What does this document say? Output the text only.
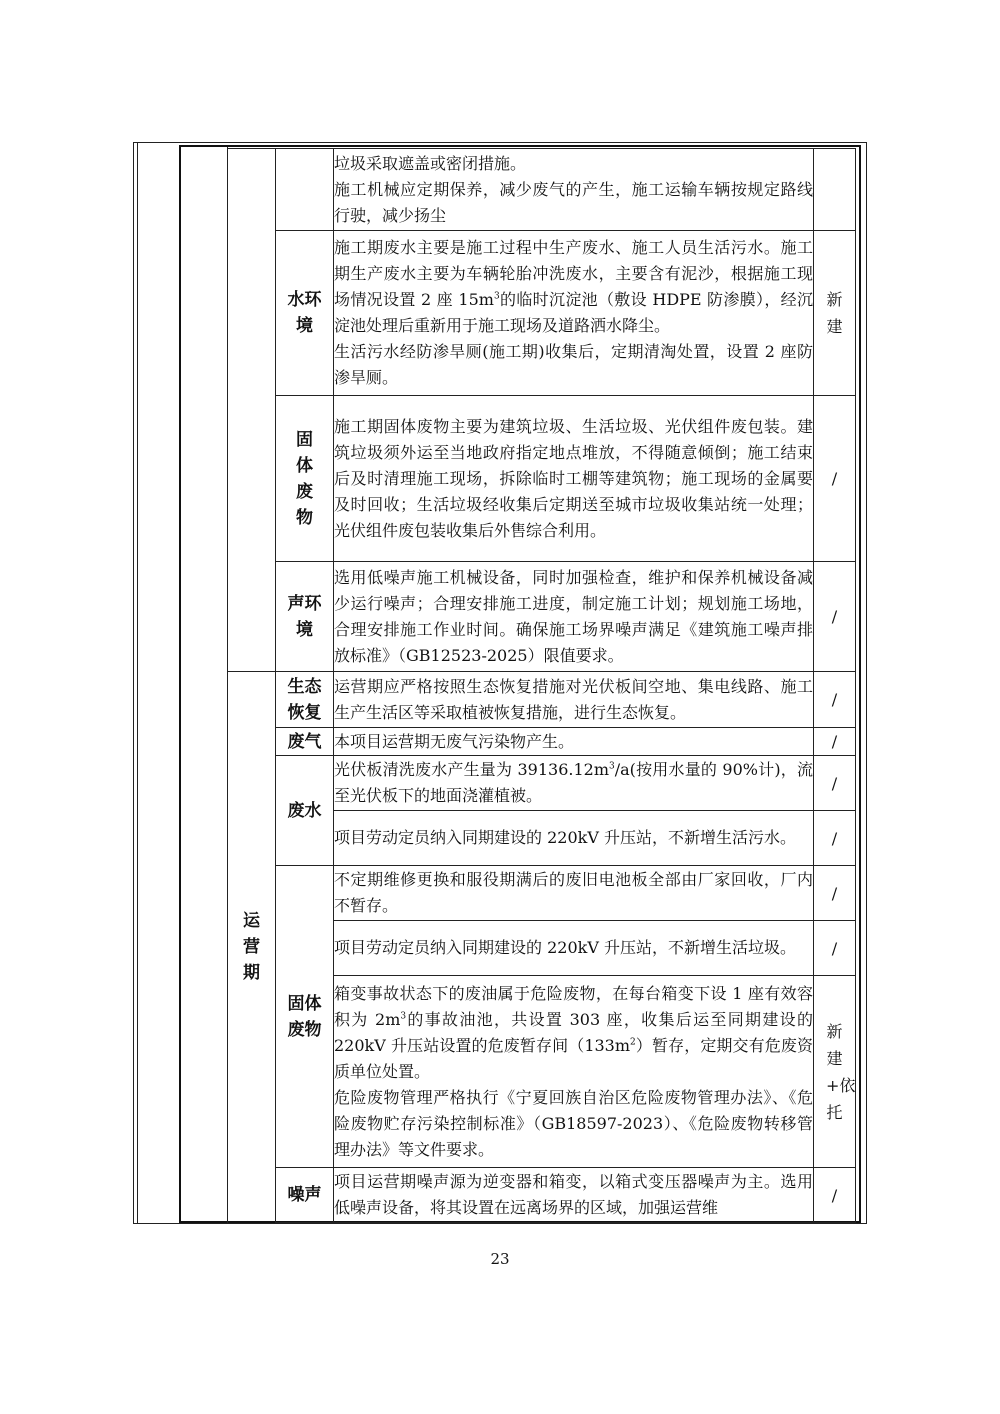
		垃圾采取遮盖或密闭措施。
施工机械应定期保养，减少废气的产生，施工运输车辆按规定路线行驶，减少扬尘	

	水环境	施工期废水主要是施工过程中生产废水、施工人员生活污水。施工期生产废水主要为车辆轮胎冲洗废水，主要含有泥沙，根据施工现场情况设置 2 座 $15m^3$的临时沉淀池（敷设 HDPE 防渗膜），经沉淀池处理后重新用于施工现场及道路洒水降尘。
生活污水经防渗旱厕(施工期)收集后，定期清淘处置，设置 2 座防渗旱厕。	新建
	固体废物	施工期固体废物主要为建筑垃圾、生活垃圾、光伏组件废包装。建筑垃圾须外运至当地政府指定地点堆放，不得随意倾倒；施工结束后及时清理施工现场，拆除临时工棚等建筑物；施工现场的金属要及时回收；生活垃圾经收集后定期送至城市垃圾收集站统一处理；光伏组件废包装收集后外售综合利用。	/
	声环境	选用低噪声施工机械设备，同时加强检查，维护和保养机械设备减少运行噪声；合理安排施工进度，制定施工计划；规划施工场地，合理安排施工作业时间。确保施工场界噪声满足《建筑施工噪声排放标准》（GB12523-2025）限值要求。	/
运营期	生态恢复	运营期应严格按照生态恢复措施对光伏板间空地、集电线路、施工生产生活区等采取植被恢复措施，进行生态恢复。	/
	废气	本项目运营期无废气污染物产生。	/
	废水	光伏板清洗废水产生量为 $39136.12m^3/a$(按用水量的 90%计)，流至光伏板下的地面浇灌植被。	/
		项目劳动定员纳入同期建设的 220kV 升压站，不新增生活污水。	/
	固体废物	不定期维修更换和服役期满后的废旧电池板全部由厂家回收，厂内不暂存。	/
		项目劳动定员纳入同期建设的 220kV 升压站，不新增生活垃圾。	/

		箱变事故状态下的废油属于危险废物，在每台箱变下设 1 座有效容积为 $2m^3$的事故油池，共设置 303 座，收集后运至同期建设的 220kV 升压站设置的危废暂存间$(133m^2)$暂存，定期交有危废资质单位处置。
危险废物管理严格执行《宁夏回族自治区危险废物管理办法》、《危险废物贮存污染控制标准》（GB18597-2023）、《危险废物转移管理办法》等文件要求。	新建+依托
	噪声	项目运营期噪声源为逆变器和箱变，以箱式变压器噪声为主。选用低噪声设备，将其设置在远离场界的区域，加强运营维	/

23
